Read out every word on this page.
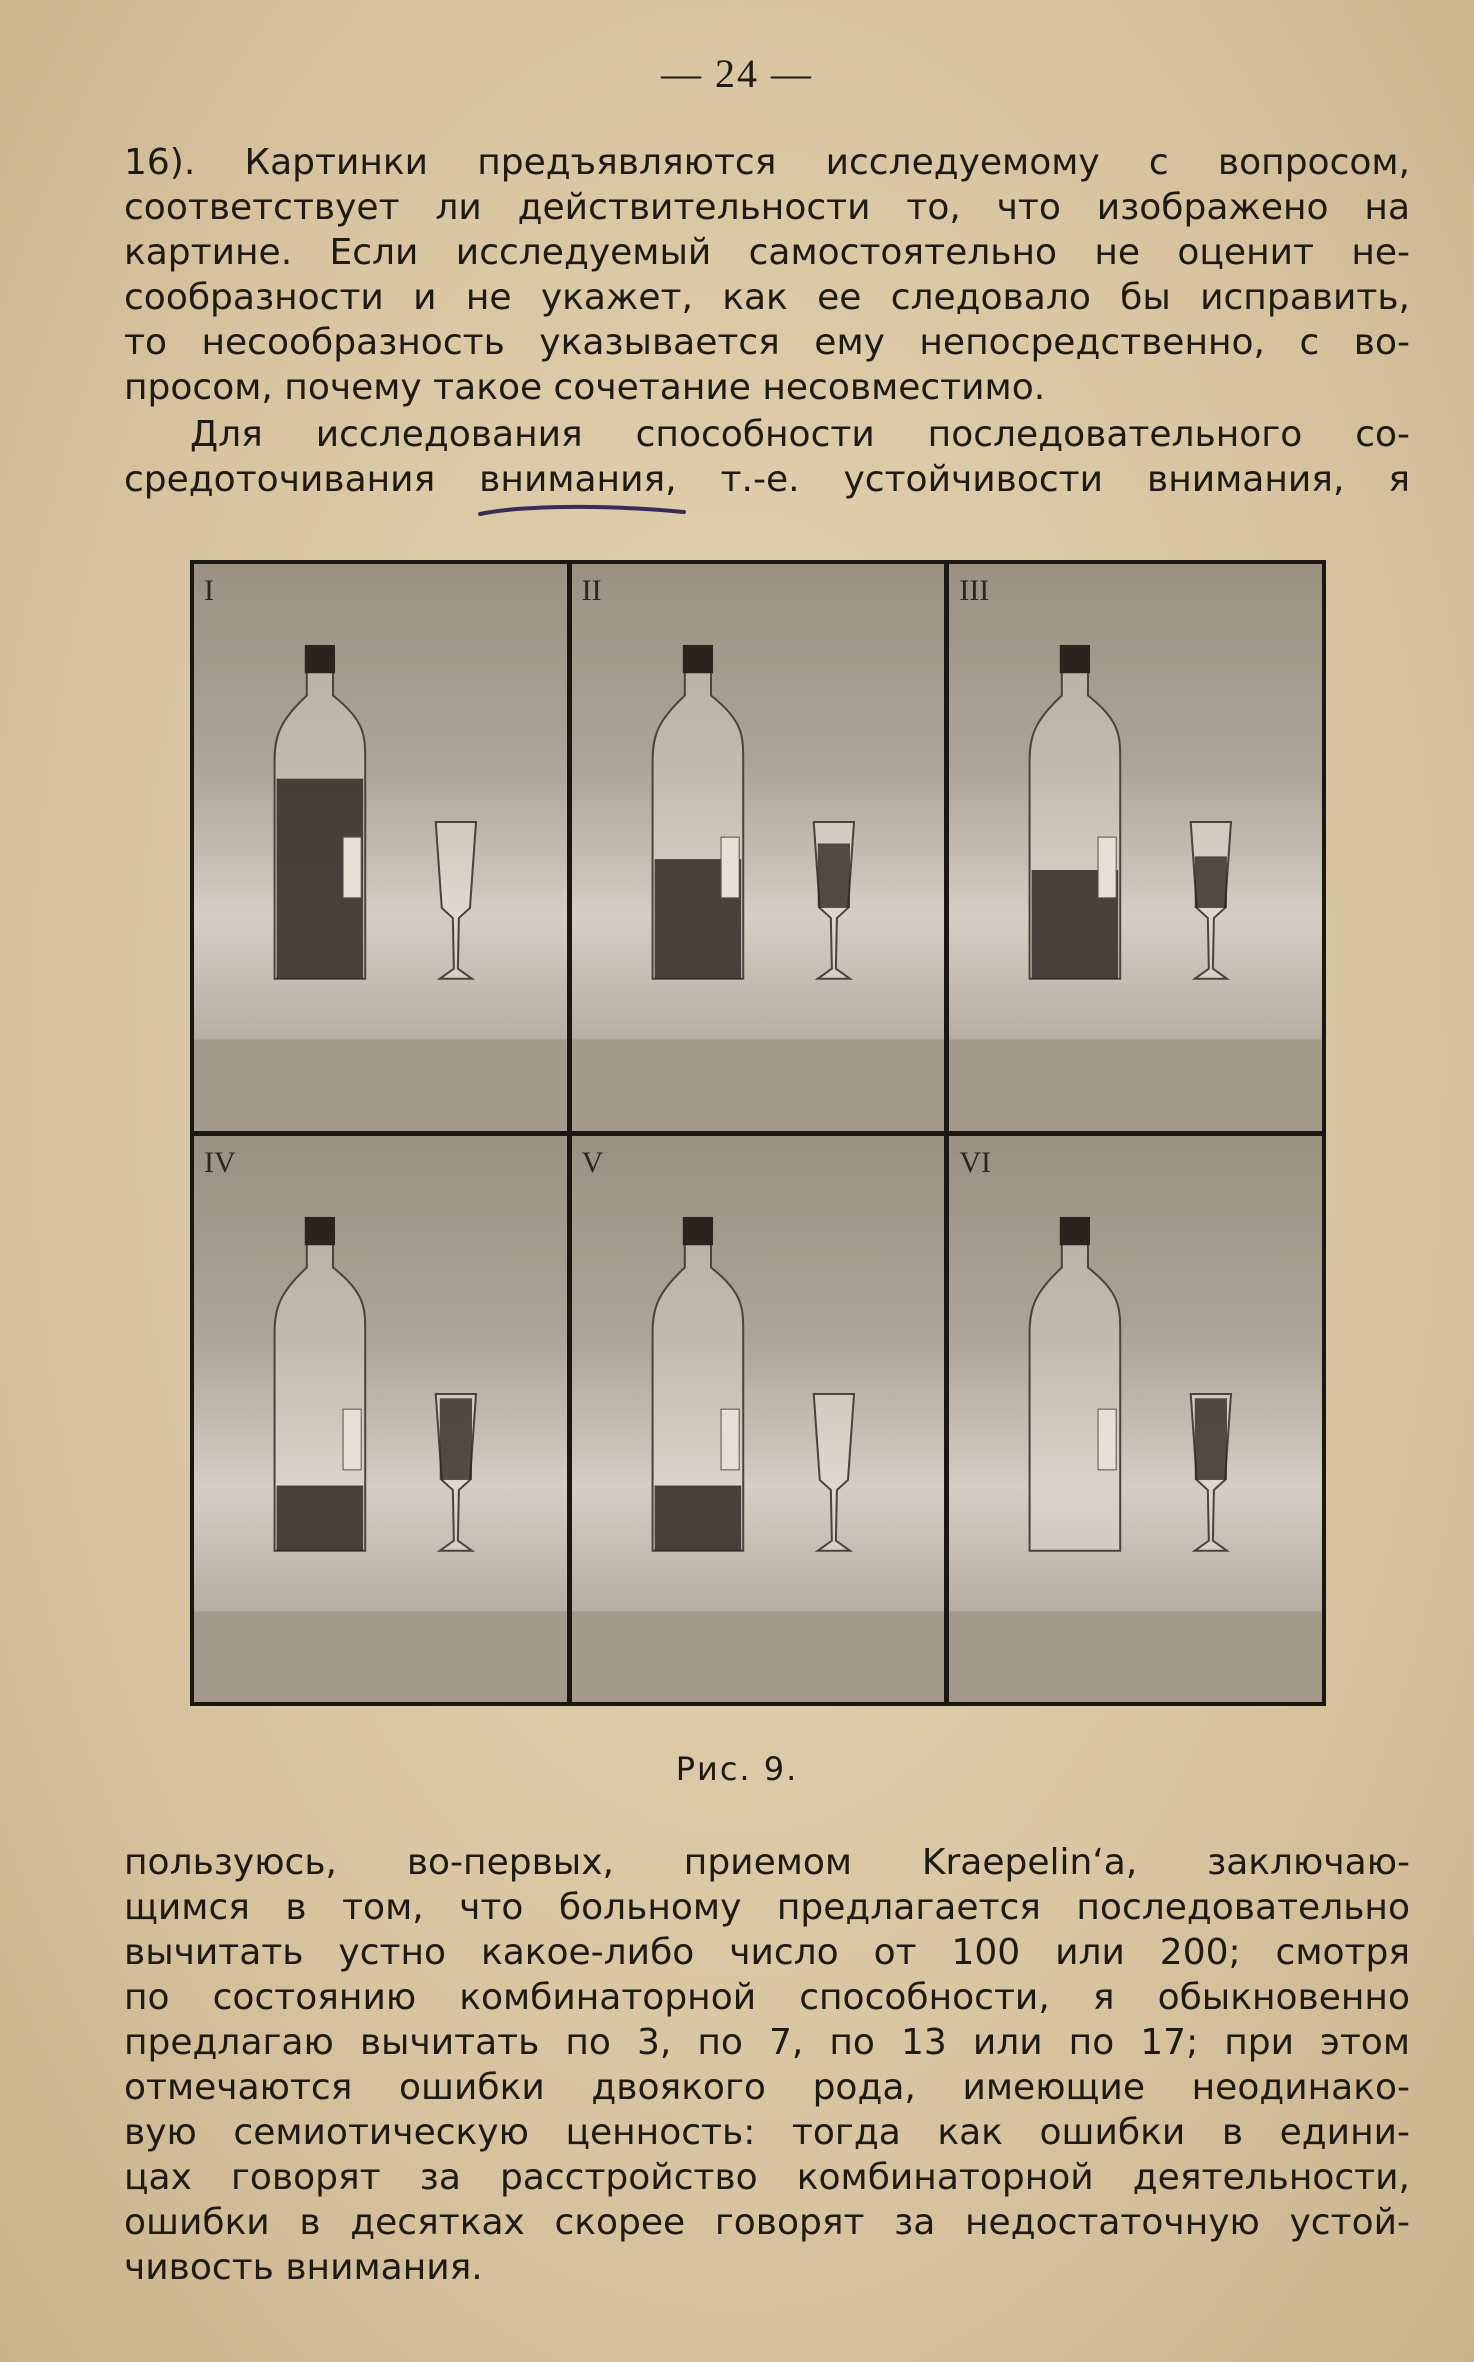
— 24 —
16). Картинки предъявляются исследуемому с вопросом,
соответствует ли действительности то, что изображено на
картине. Если исследуемый самостоятельно не оценит не-
сообразности и не укажет, как ее следовало бы исправить,
то несообразность указывается ему непосредственно, с во-
просом, почему такое сочетание несовместимо.
Для исследования способности последовательного со-
средоточивания внимания, т.-е. устойчивости внимания, я
I	II	III
IV	V	VI
Рис. 9.
пользуюсь, во-первых, приемом Kraepelin‘a, заключаю-
щимся в том, что больному предлагается последовательно
вычитать устно какое-либо число от 100 или 200; смотря
по состоянию комбинаторной способности, я обыкновенно
предлагаю вычитать по 3, по 7, по 13 или по 17; при этом
отмечаются ошибки двоякого рода, имеющие неодинако-
вую семиотическую ценность: тогда как ошибки в едини-
цах говорят за расстройство комбинаторной деятельности,
ошибки в десятках скорее говорят за недостаточную устой-
чивость внимания.
